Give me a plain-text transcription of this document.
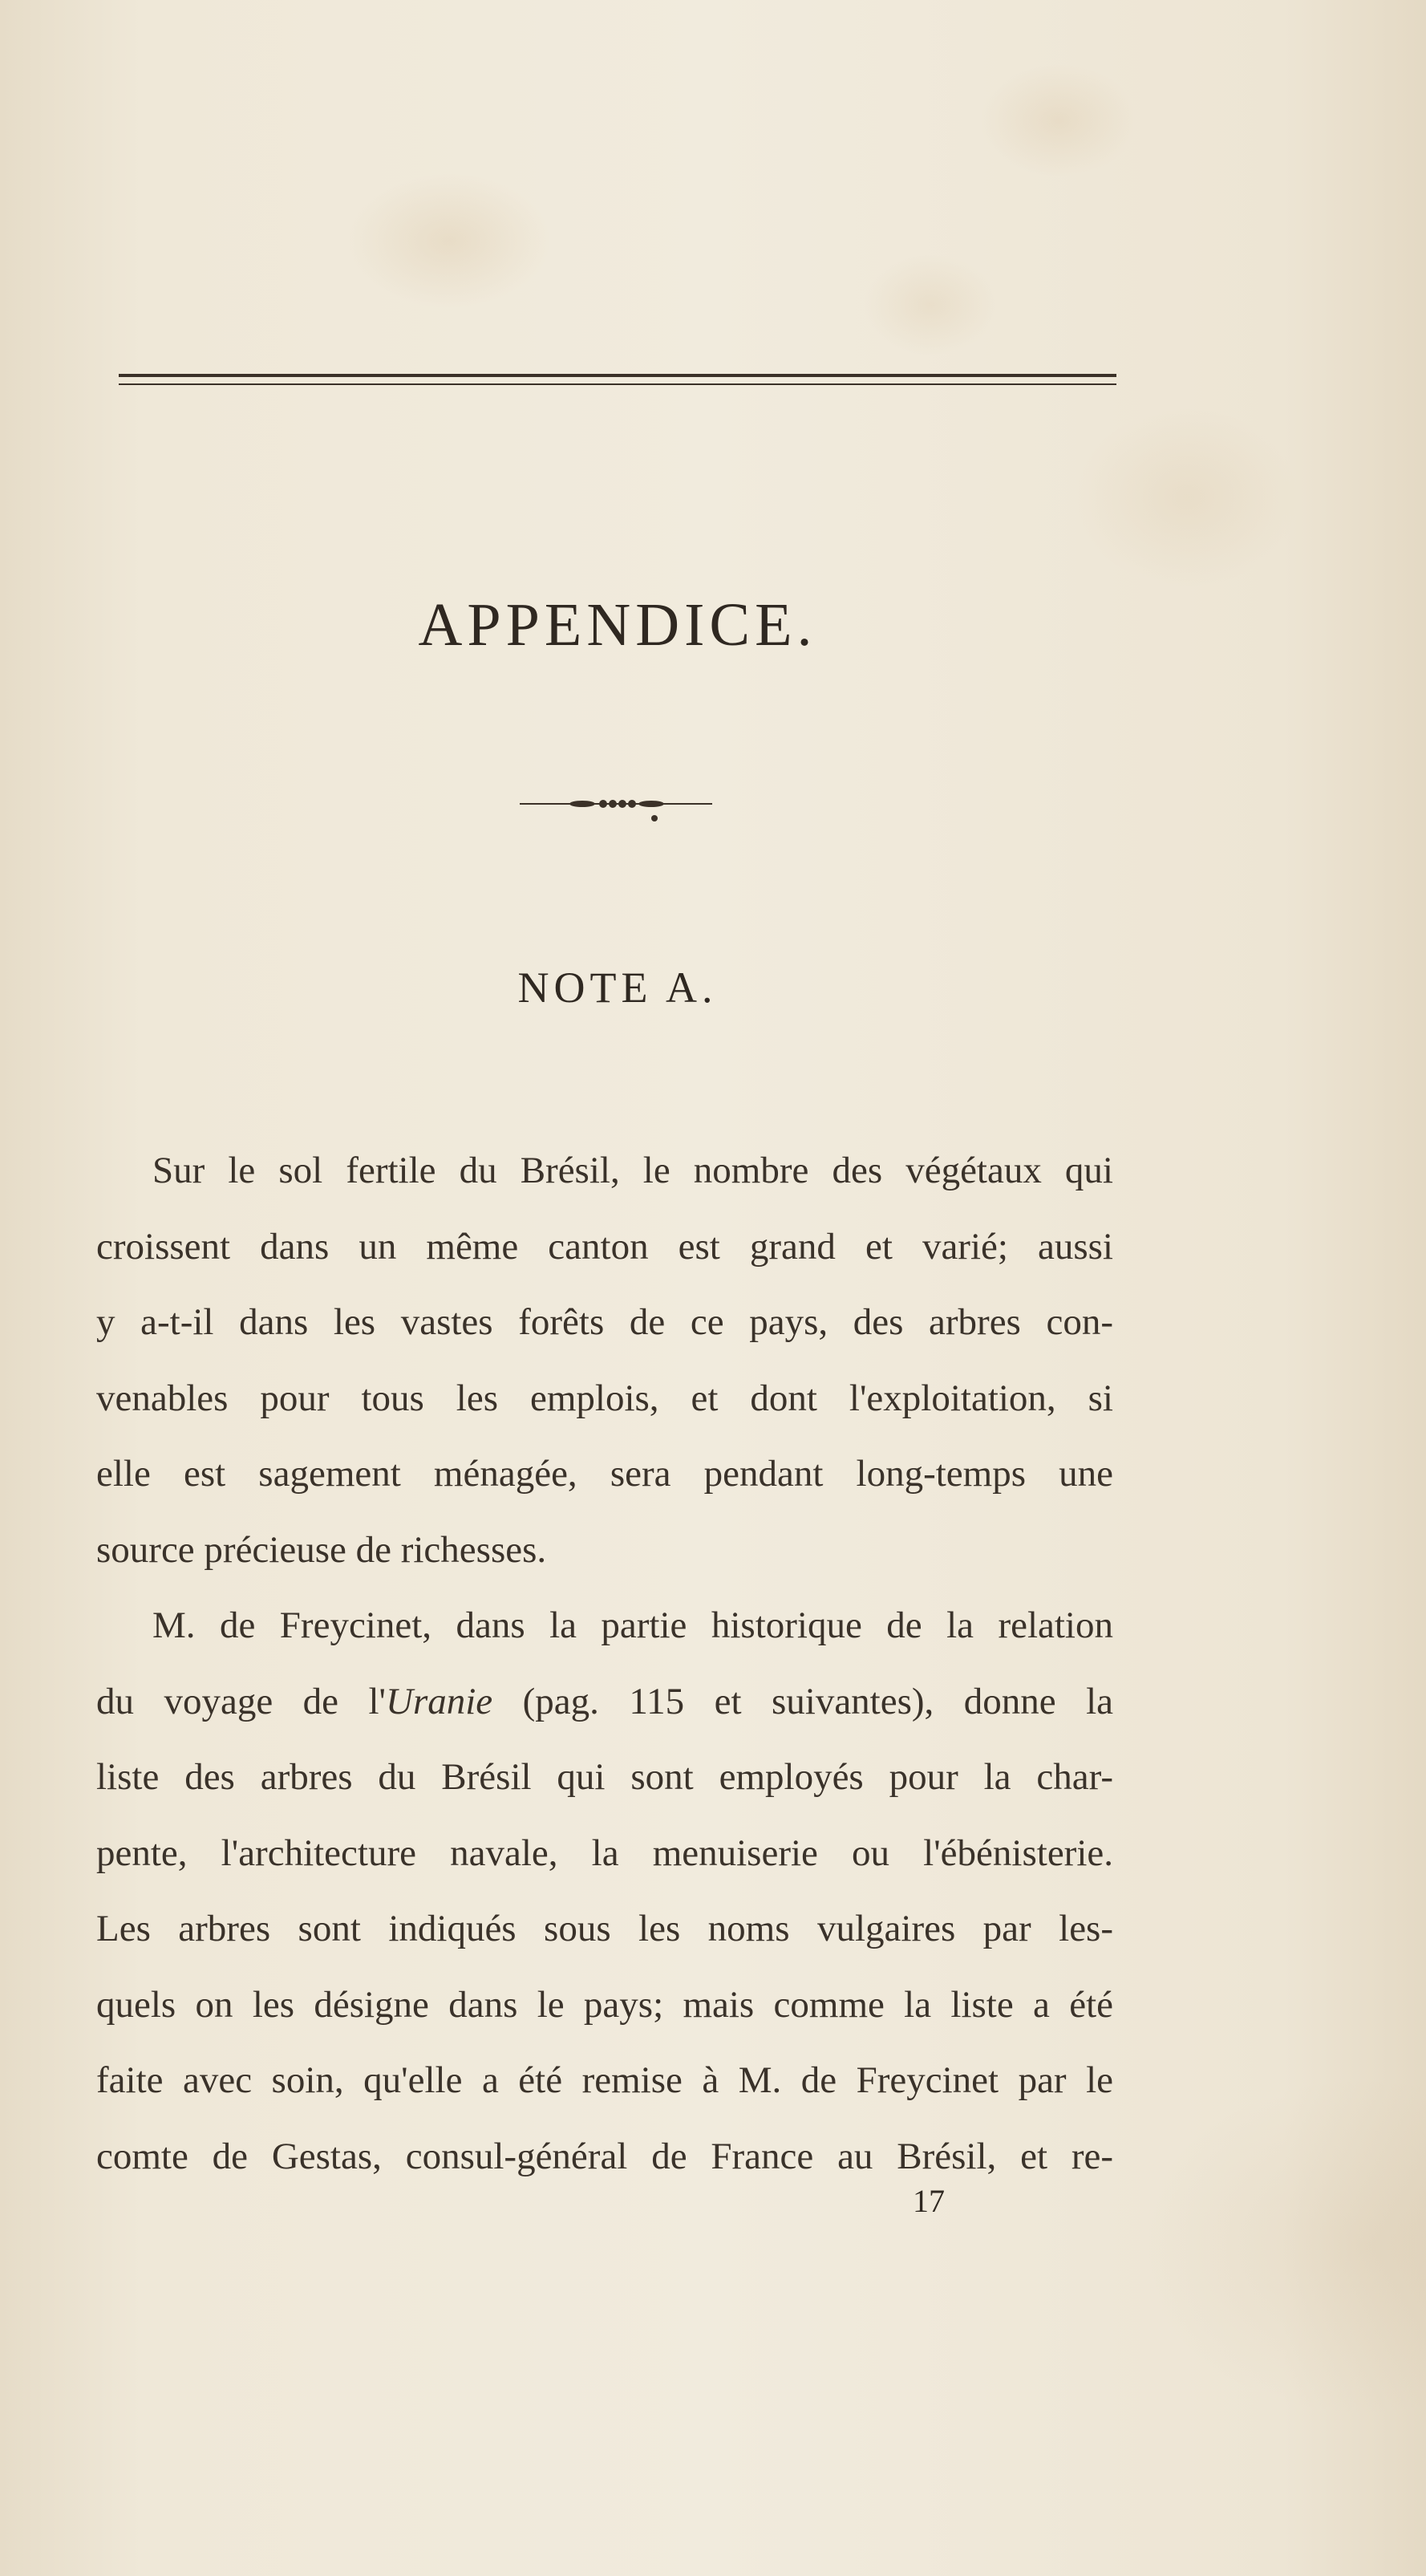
APPENDICE.
NOTE A.
Sur le sol fertile du Brésil, le nombre des végétaux qui
croissent dans un même canton est grand et varié; aussi
y a-t-il dans les vastes forêts de ce pays, des arbres con-
venables pour tous les emplois, et dont l'exploitation, si
elle est sagement ménagée, sera pendant long-temps une
source précieuse de richesses.
M. de Freycinet, dans la partie historique de la relation
du voyage de l'Uranie (pag. 115 et suivantes), donne la
liste des arbres du Brésil qui sont employés pour la char-
pente, l'architecture navale, la menuiserie ou l'ébénisterie.
Les arbres sont indiqués sous les noms vulgaires par les-
quels on les désigne dans le pays; mais comme la liste a été
faite avec soin, qu'elle a été remise à M. de Freycinet par le
comte de Gestas, consul-général de France au Brésil, et re-
17
